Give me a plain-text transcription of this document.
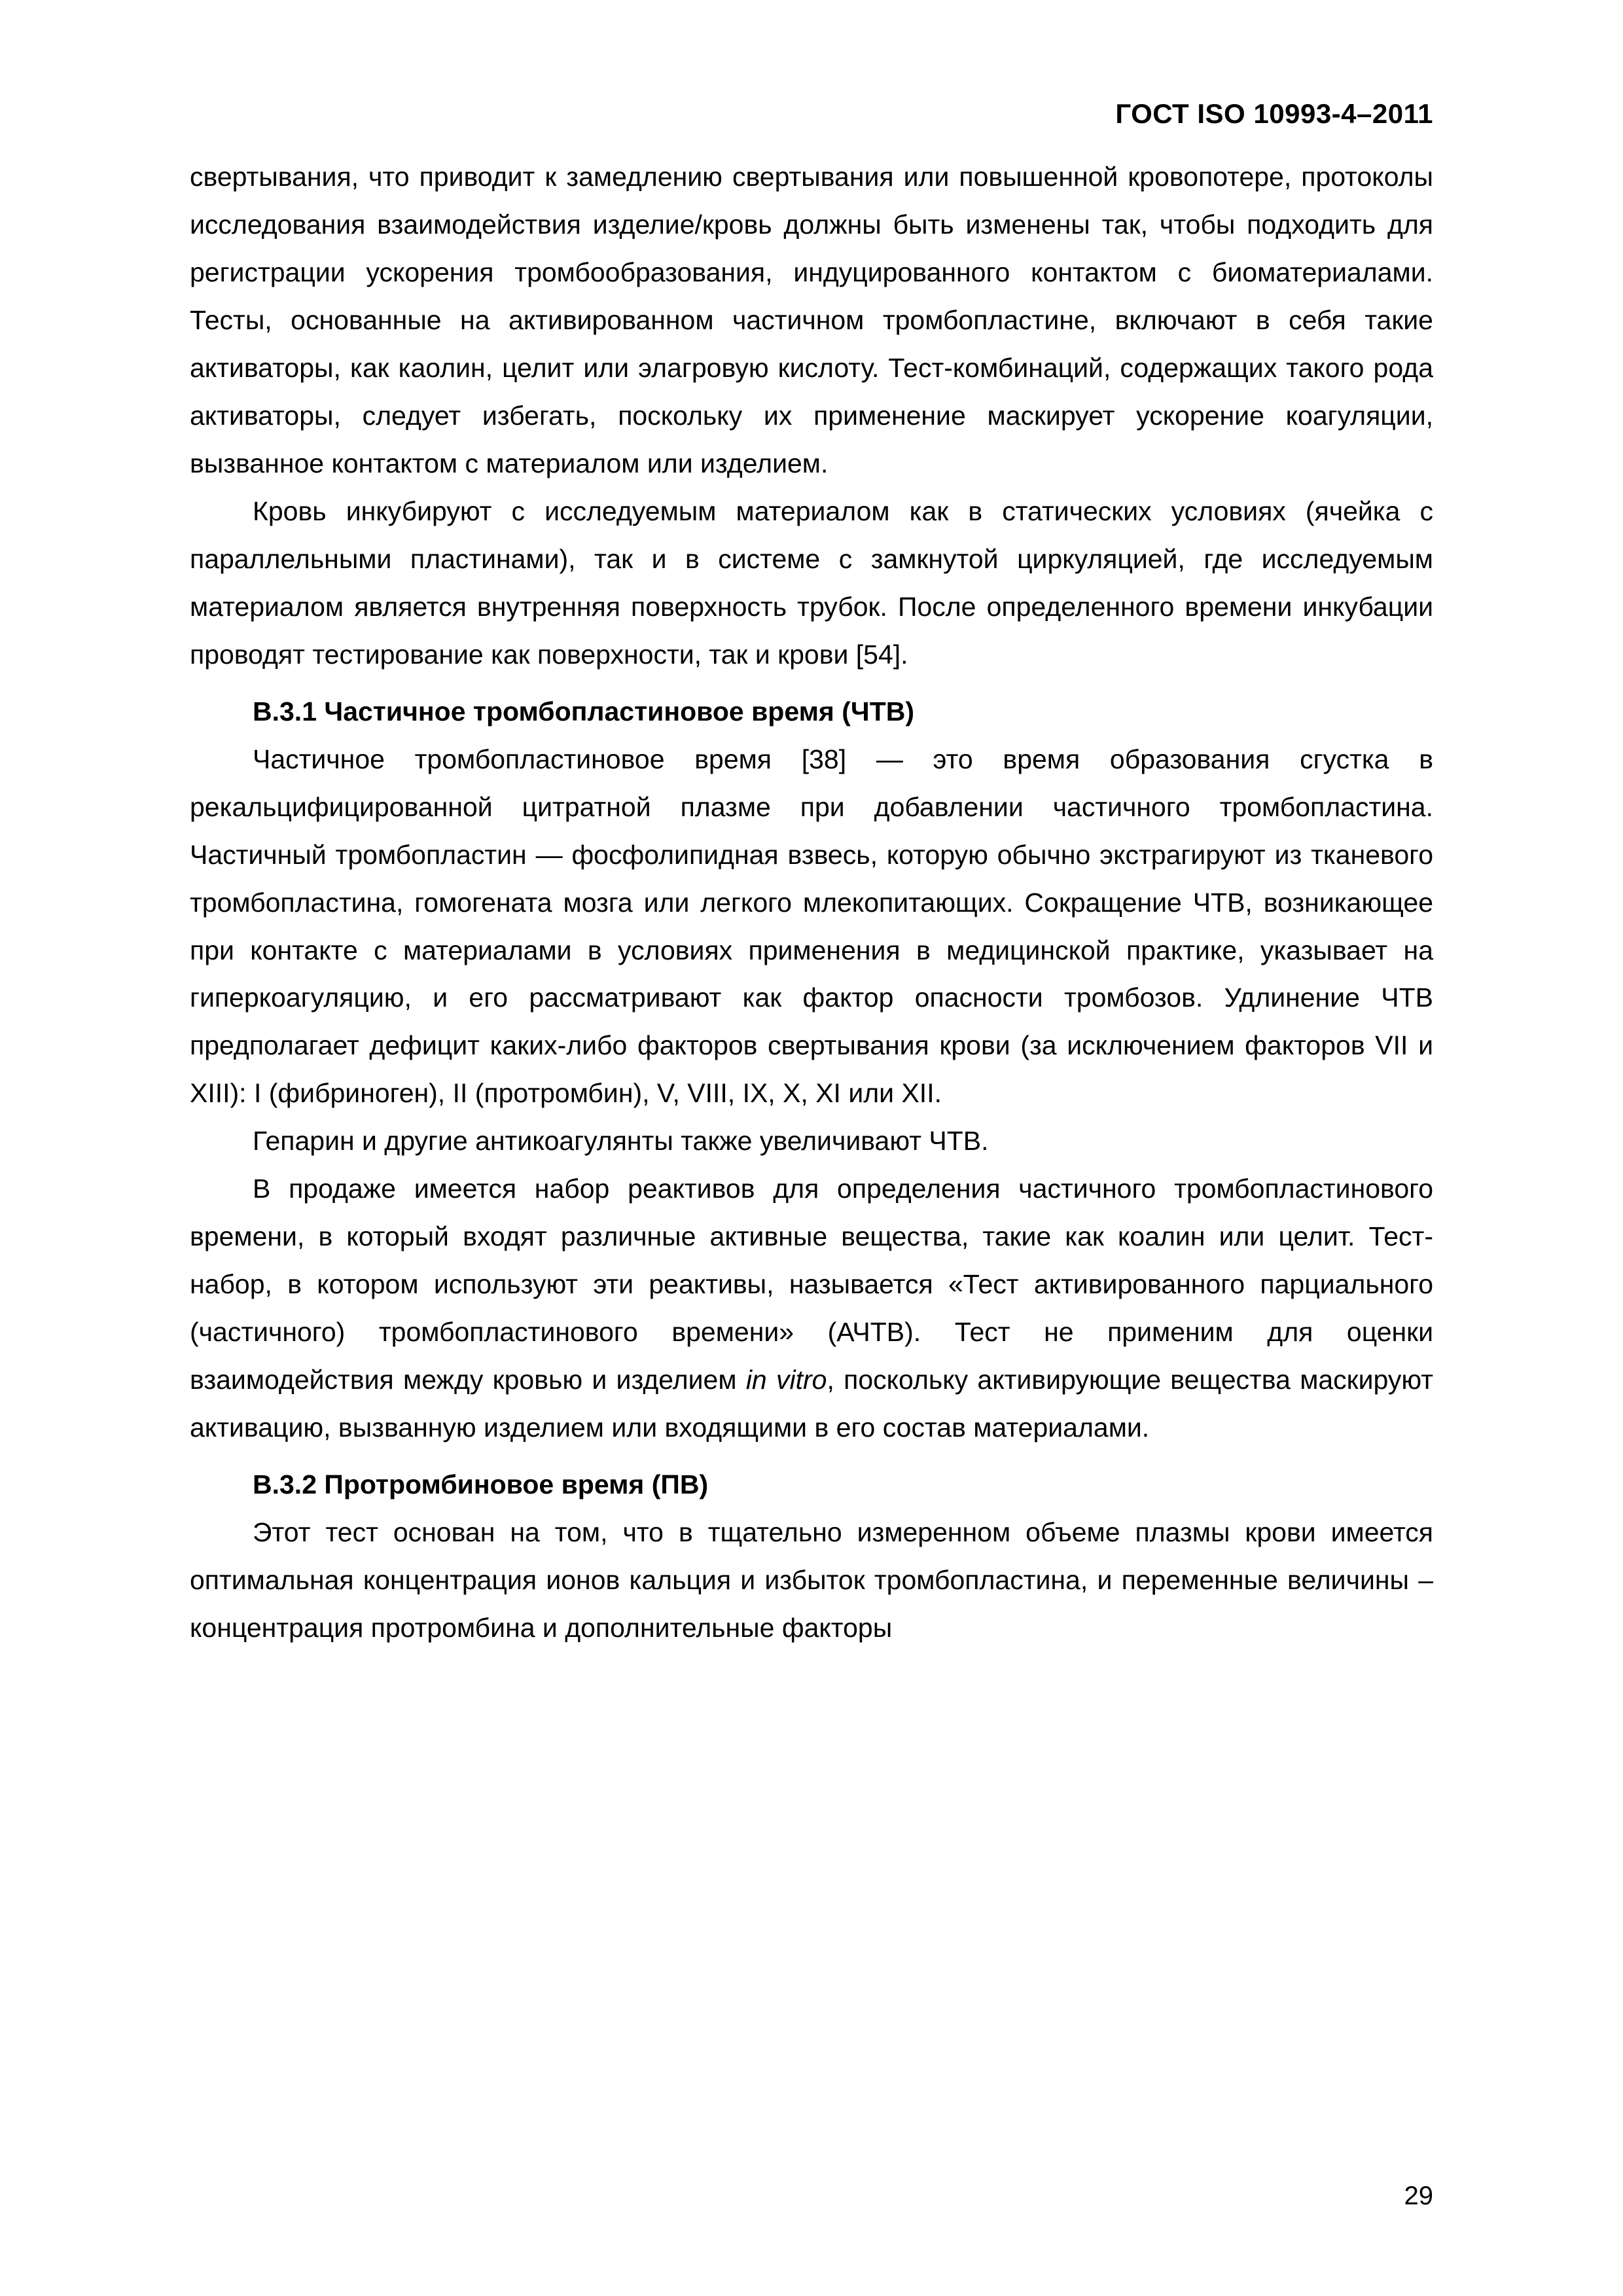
ГОСТ ISO 10993-4–2011

свертывания, что приводит к замедлению свертывания или повышенной кровопотере, протоколы исследования взаимодействия изделие/кровь должны быть изменены так, чтобы подходить для регистрации ускорения тромбообразования, индуцированного контактом с биоматериалами. Тесты, основанные на активированном частичном тромбопластине, включают в себя такие активаторы, как каолин, целит или элагровую кислоту. Тест-комбинаций, содержащих такого рода активаторы, следует избегать, поскольку их применение маскирует ускорение коагуляции, вызванное контактом с материалом или изделием.

Кровь инкубируют с исследуемым материалом как в статических условиях (ячейка с параллельными пластинами), так и в системе с замкнутой циркуляцией, где исследуемым материалом является внутренняя поверхность трубок. После определенного времени инкубации проводят тестирование как поверхности, так и крови [54].

В.3.1 Частичное тромбопластиновое время (ЧТВ)

Частичное тромбопластиновое время [38] — это время образования сгустка в рекальцифицированной цитратной плазме при добавлении частичного тромбопластина. Частичный тромбопластин — фосфолипидная взвесь, которую обычно экстрагируют из тканевого тромбопластина, гомогената мозга или легкого млекопитающих. Сокращение ЧТВ, возникающее при контакте с материалами в условиях применения в медицинской практике, указывает на гиперкоагуляцию, и его рассматривают как фактор опасности тромбозов. Удлинение ЧТВ предполагает дефицит каких-либо факторов свертывания крови (за исключением факторов VII и XIII): I (фибриноген), II (протромбин), V, VIII, IX, X, XI или XII.

Гепарин и другие антикоагулянты также увеличивают ЧТВ.

В продаже имеется набор реактивов для определения частичного тромбопластинового времени, в который входят различные активные вещества, такие как коалин или целит. Тест-набор, в котором используют эти реактивы, называется «Тест активированного парциального (частичного) тромбопластинового времени» (АЧТВ). Тест не применим для оценки взаимодействия между кровью и изделием in vitro, поскольку активирующие вещества маскируют активацию, вызванную изделием или входящими в его состав материалами.

В.3.2 Протромбиновое время (ПВ)

Этот тест основан на том, что в тщательно измеренном объеме плазмы крови имеется оптимальная концентрация ионов кальция и избыток тромбопластина, и переменные величины – концентрация протромбина и дополнительные факторы

29
